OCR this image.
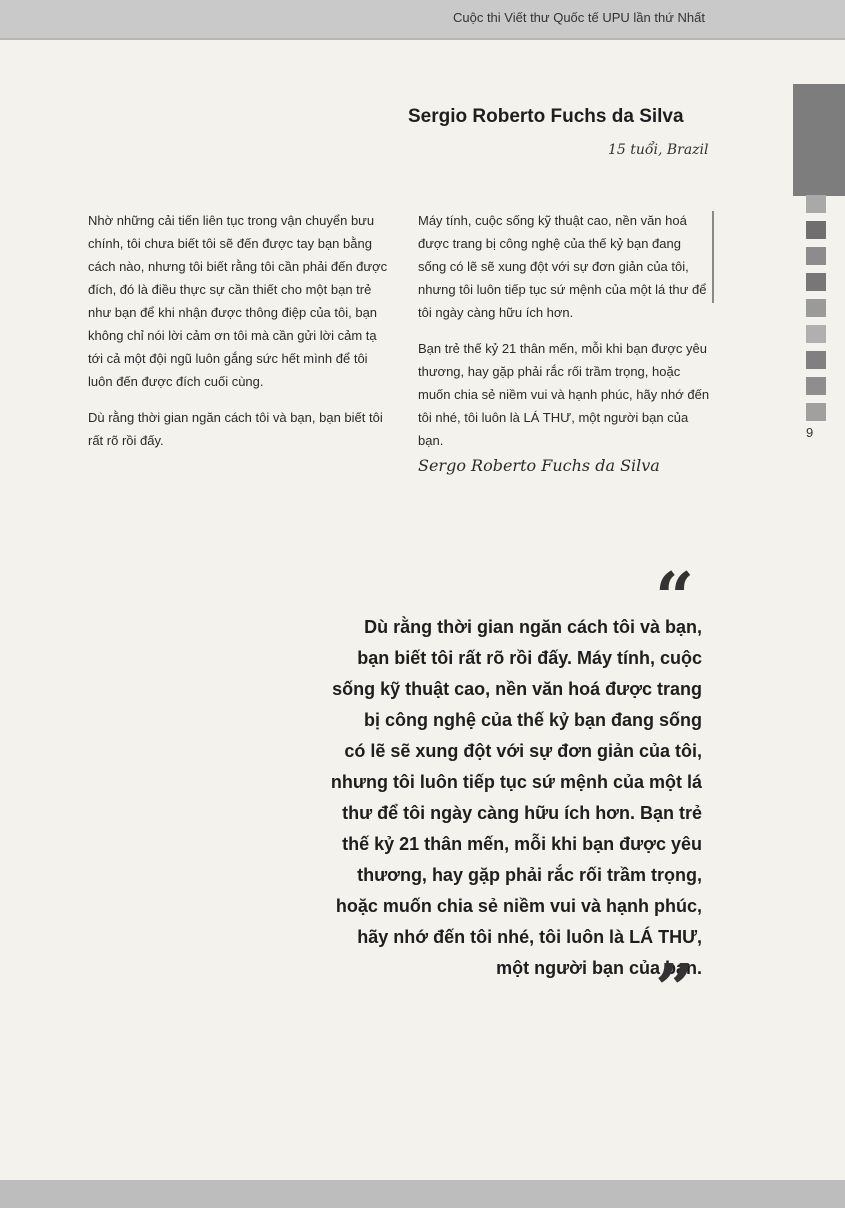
Cuộc thi Viết thư Quốc tế UPU lần thứ Nhất
9
Sergio Roberto Fuchs da Silva
15 tuổi, Brazil

Nhờ những cải tiến liên tục trong vận chuyển bưu chính, tôi chưa biết tôi sẽ đến được tay bạn bằng cách nào, nhưng tôi biết rằng tôi cần phải đến được đích, đó là điều thực sự cần thiết cho một bạn trẻ như bạn để khi nhận được thông điệp của tôi, bạn không chỉ nói lời cảm ơn tôi mà cần gửi lời cảm tạ tới cả một đội ngũ luôn gắng sức hết mình để tôi luôn đến được đích cuối cùng.

Dù rằng thời gian ngăn cách tôi và bạn, bạn biết tôi rất rõ rồi đấy.

Máy tính, cuộc sống kỹ thuật cao, nền văn hoá được trang bị công nghệ của thế kỷ bạn đang sống có lẽ sẽ xung đột với sự đơn giản của tôi, nhưng tôi luôn tiếp tục sứ mệnh của một lá thư để tôi ngày càng hữu ích hơn.

Bạn trẻ thế kỷ 21 thân mến, mỗi khi bạn được yêu thương, hay gặp phải rắc rối trầm trọng, hoặc muốn chia sẻ niềm vui và hạnh phúc, hãy nhớ đến tôi nhé, tôi luôn là LÁ THƯ, một người bạn của bạn.

Sergo Roberto Fuchs da Silva
“
Dù rằng thời gian ngăn cách tôi và bạn,
bạn biết tôi rất rõ rồi đấy. Máy tính, cuộc
sống kỹ thuật cao, nền văn hoá được trang
bị công nghệ của thế kỷ bạn đang sống
có lẽ sẽ xung đột với sự đơn giản của tôi,
nhưng tôi luôn tiếp tục sứ mệnh của một lá
thư để tôi ngày càng hữu ích hơn. Bạn trẻ
thế kỷ 21 thân mến, mỗi khi bạn được yêu
thương, hay gặp phải rắc rối trầm trọng,
hoặc muốn chia sẻ niềm vui và hạnh phúc,
hãy nhớ đến tôi nhé, tôi luôn là LÁ THƯ,
một người bạn của bạn.
”
